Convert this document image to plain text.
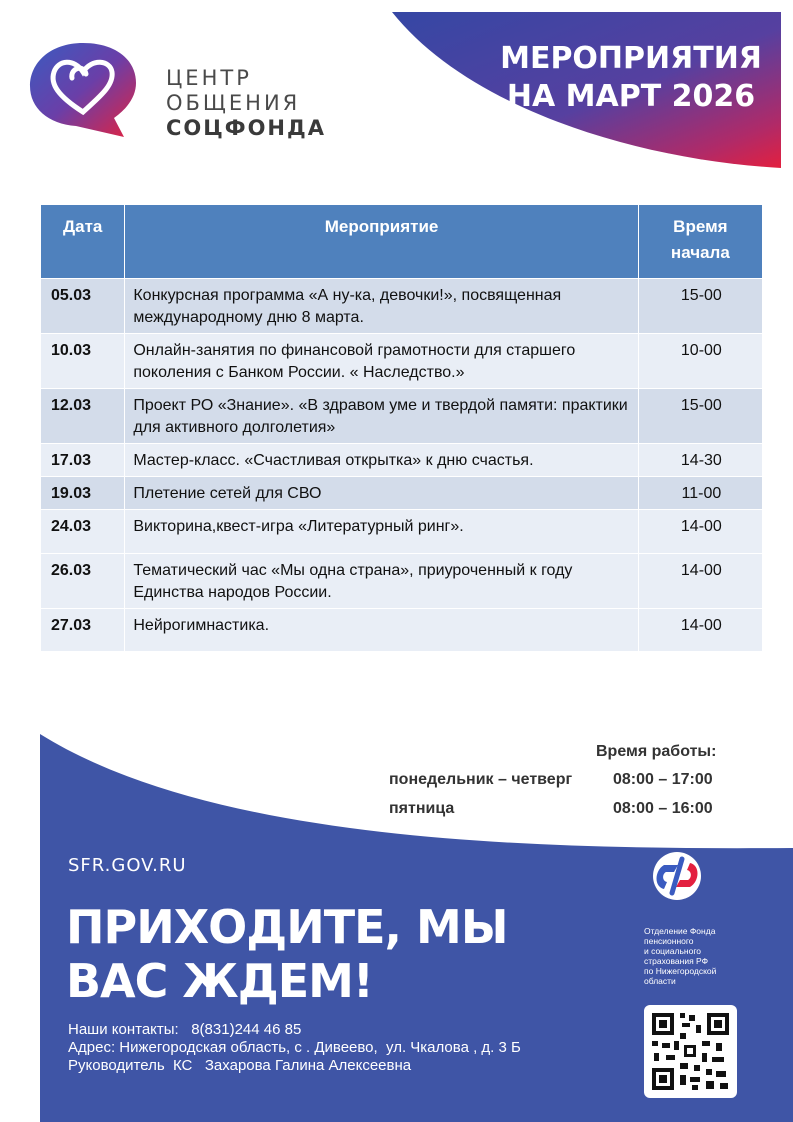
ЦЕНТР
ОБЩЕНИЯ
СОЦФОНДА
МЕРОПРИЯТИЯ
НА МАРТ 2026
Дата	Мероприятие	Время начала
05.03	Конкурсная программа «А ну-ка, девочки!», посвященная международному дню 8 марта.	15-00
10.03	Онлайн-занятия по финансовой грамотности для старшего поколения с Банком России. « Наследство.»	10-00
12.03	Проект РО «Знание». «В здравом уме и твердой памяти: практики для активного долголетия»	15-00
17.03	Мастер-класс. «Счастливая открытка» к дню счастья.	14-30
19.03	Плетение сетей для СВО	11-00
24.03	Викторина,квест-игра «Литературный ринг».	14-00
26.03	Тематический час «Мы одна страна», приуроченный к году Единства народов России.	14-00
27.03	Нейрогимнастика.	14-00
Время работы:
понедельник – четверг	08:00 – 17:00
пятница	08:00 – 16:00
SFR.GOV.RU
ПРИХОДИТЕ, МЫ
ВАС ЖДЕМ!
Наши контакты:   8(831)244 46 85
Адрес: Нижегородская область, с . Дивеево,  ул. Чкалова , д. 3 Б
Руководитель  КС   Захарова Галина Алексеевна
Отделение Фонда
пенсионного
и социального
страхования РФ
по Нижегородской
области
